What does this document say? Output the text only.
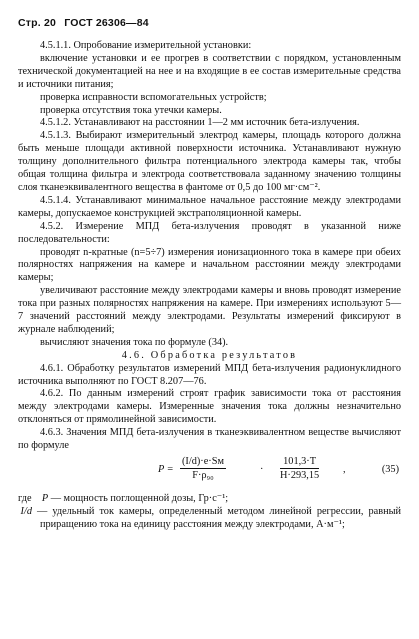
Стр. 20 ГОСТ 26306—84

4.5.1.1. Опробование измерительной установки:

включение установки и ее прогрев в соответствии с порядком, установленным технической документацией на нее и на входящие в ее состав измерительные средства и источники питания;

проверка исправности вспомогательных устройств;

проверка отсутствия тока утечки камеры.

4.5.1.2. Устанавливают на расстоянии 1—2 мм источник бета-излучения.

4.5.1.3. Выбирают измерительный электрод камеры, площадь которого должна быть меньше площади активной поверхности источника. Устанавливают нужную толщину дополнительного фильтра потенциального электрода камеры так, чтобы общая толщина фильтра и электрода соответствовала заданному значению толщины слоя тканеэквивалентного вещества в фантоме от 0,5 до 100 мг·см⁻².

4.5.1.4. Устанавливают минимальное начальное расстояние между электродами камеры, допускаемое конструкцией экстраполяционной камеры.

4.5.2. Измерение МПД бета-излучения проводят в указанной ниже последовательности:

проводят n-кратные (n=5÷7) измерения ионизационного тока в камере при обеих полярностях напряжения на камере и начальном расстоянии между электродами камеры;

увеличивают расстояние между электродами камеры и вновь проводят измерение тока при разных полярностях напряжения на камере. При измерениях используют 5—7 значений расстояний между электродами. Результаты измерений фиксируют в журнале наблюдений;

вычисляют значения тока по формуле (34).

4.6. Обработка результатов

4.6.1. Обработку результатов измерений МПД бета-излучения радионуклидного источника выполняют по ГОСТ 8.207—76.

4.6.2. По данным измерений строят график зависимости тока от расстояния между электродами камеры. Измеренные значения тока должны незначительно отклоняться от прямолинейной зависимости.

4.6.3. Значения МПД бета-излучения в тканеэквивалентном веществе вычисляют по формуле

P =
(I/d)·e·Sм
F·ρ₉₀
· $\frac{101,3\cdot T}{H\cdot 293,15}$ ,	(35)

где P — мощность поглощенной дозы, Гр·с⁻¹;

I/d — удельный ток камеры, определенный методом линейной регрессии, равный приращению тока на единицу расстояния между электродами, А·м⁻¹;
